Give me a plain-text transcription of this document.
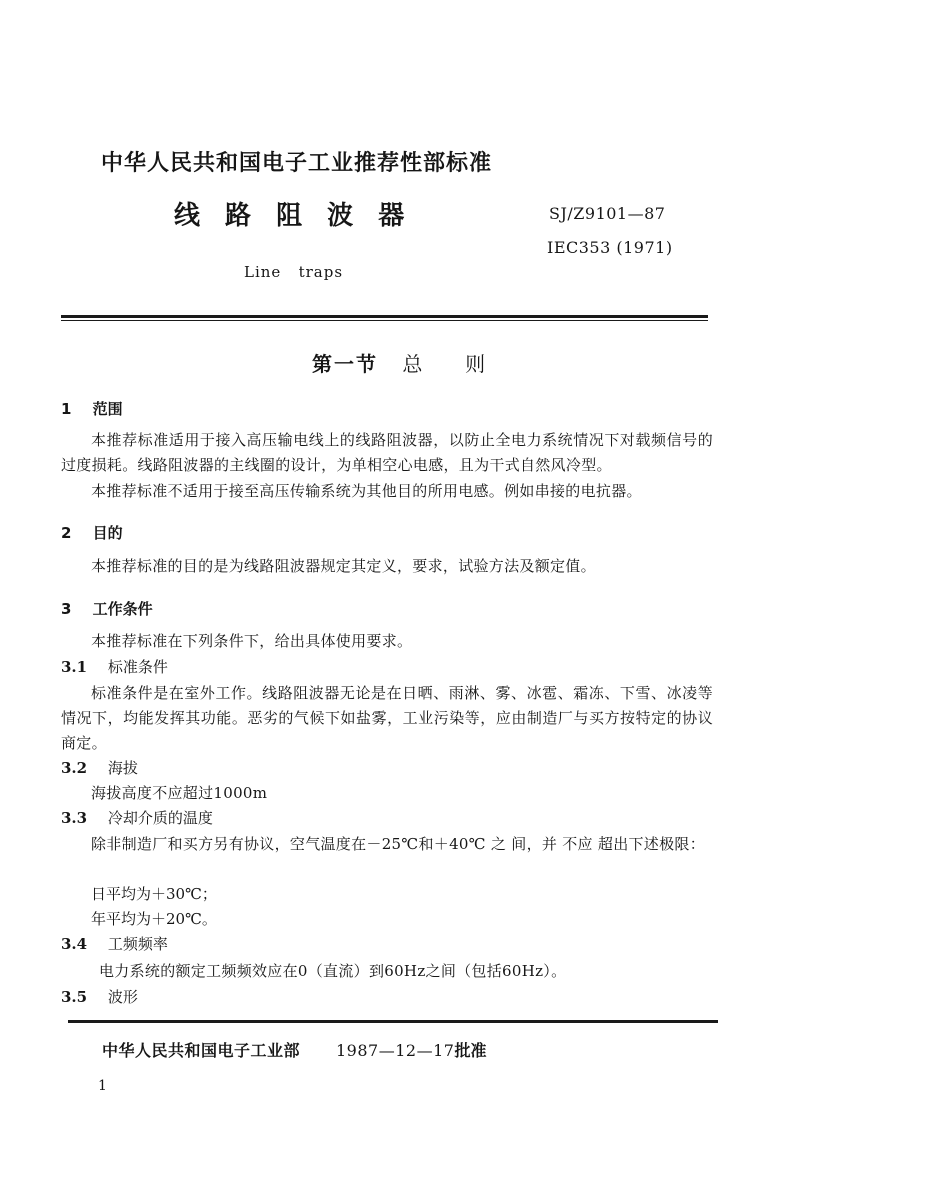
中华人民共和国电子工业推荐性部标准
线 路 阻 波 器	SJ/Z9101—87
IEC353 (1971)
Line   traps
第一节 总  则
1 范围

本推荐标准适用于接入高压输电线上的线路阻波器，以防止全电力系统情况下对载频信号的过度损耗。线路阻波器的主线圈的设计，为单相空心电感，且为干式自然风冷型。

本推荐标准不适用于接至高压传输系统为其他目的所用电感。例如串接的电抗器。

2 目的

本推荐标准的目的是为线路阻波器规定其定义，要求，试验方法及额定值。

3 工作条件

本推荐标准在下列条件下，给出具体使用要求。

3.1 标准条件

标准条件是在室外工作。线路阻波器无论是在日晒、雨淋、雾、冰雹、霜冻、下雪、冰凌等情况下，均能发挥其功能。恶劣的气候下如盐雾，工业污染等，应由制造厂与买方按特定的协议商定。

3.2 海拔
海拔高度不应超过1000m
3.3 冷却介质的温度

除非制造厂和买方另有协议，空气温度在－25℃和＋40℃ 之 间，并 不应 超出下述极限：

日平均为＋30℃；
年平均为＋20℃。
3.4 工频频率
电力系统的额定工频频效应在0（直流）到60Hz之间（包括60Hz）。
3.5 波形
中华人民共和国电子工业部 1987—12—17批准
1
